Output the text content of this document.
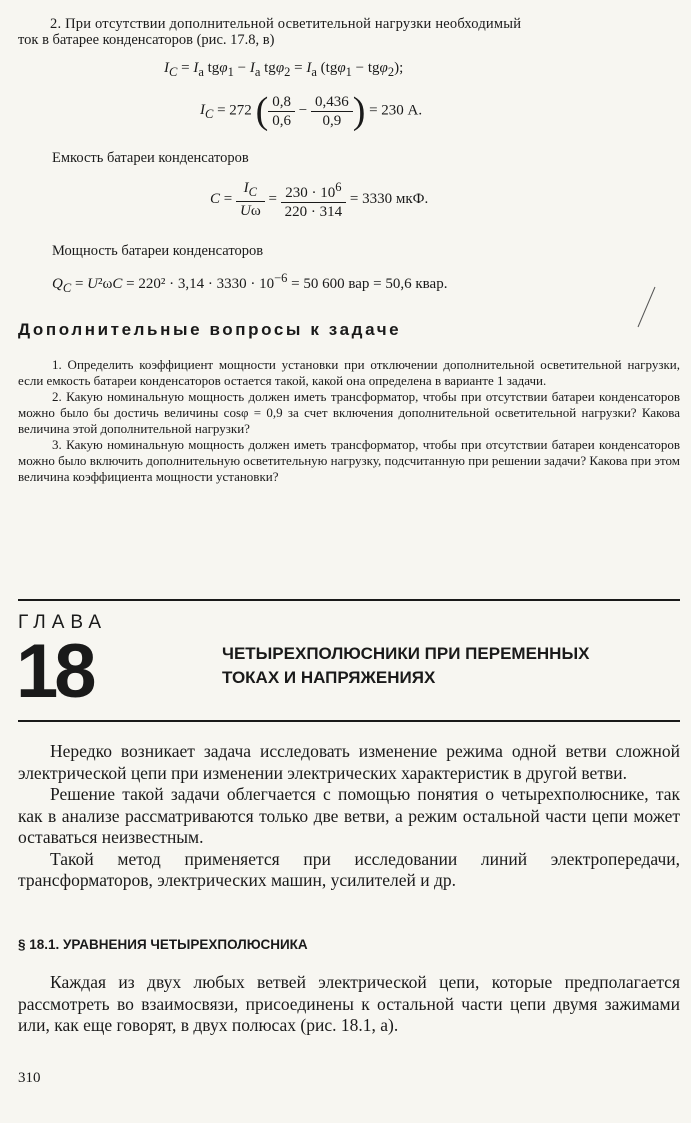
2. При отсутствии дополнительной осветительной нагрузки необходимый
ток в батарее конденсаторов (рис. 17.8, в)
$I_C = I_а$ $tg\varphi_1 - I_а$ $tg\varphi_2 = I_а$ (tgφ$_1$ − tgφ$_2$);
$I_C = 272$ ( $\frac{0,8}{0,6} - \frac{0,436}{0,9}$ ) = 230 А.
Емкость батареи конденсаторов
$C = \frac{I_C}{U\omega} = \frac{230 \cdot 10^6}{220 \cdot 314} = 3330$ мкФ.
Мощность батареи конденсаторов
$Q_C = U^2\omega C = 220^2 \cdot 3,14 \cdot 3330 \cdot 10^{-6} = 50$ 600 вар = 50,6 квар.
Дополнительные вопросы к задаче
1. Определить коэффициент мощности установки при отключении дополнительной осветительной нагрузки, если емкость батареи конденсаторов остается такой, какой она определена в варианте 1 задачи.
2. Какую номинальную мощность должен иметь трансформатор, чтобы при отсутствии батареи конденсаторов можно было бы достичь величины cosφ = 0,9 за счет включения дополнительной осветительной нагрузки? Какова величина этой дополнительной нагрузки?
3. Какую номинальную мощность должен иметь трансформатор, чтобы при отсутствии батареи конденсаторов можно было включить дополнительную осветительную нагрузку, подсчитанную при решении задачи? Какова при этом величина коэффициента мощности установки?
ГЛАВА
18	ЧЕТЫРЕХПОЛЮСНИКИ ПРИ ПЕРЕМЕННЫХ
ТОКАХ И НАПРЯЖЕНИЯХ
Нередко возникает задача исследовать изменение режима одной ветви сложной электрической цепи при изменении электрических характеристик в другой ветви.
Решение такой задачи облегчается с помощью понятия о четырехполюснике, так как в анализе рассматриваются только две ветви, а режим остальной части цепи может оставаться неизвестным.
Такой метод применяется при исследовании линий электропередачи, трансформаторов, электрических машин, усилителей и др.
§ 18.1. УРАВНЕНИЯ ЧЕТЫРЕХПОЛЮСНИКА
Каждая из двух любых ветвей электрической цепи, которые предполагается рассмотреть во взаимосвязи, присоединены к остальной части цепи двумя зажимами или, как еще говорят, в двух полюсах (рис. 18.1, а).
310
